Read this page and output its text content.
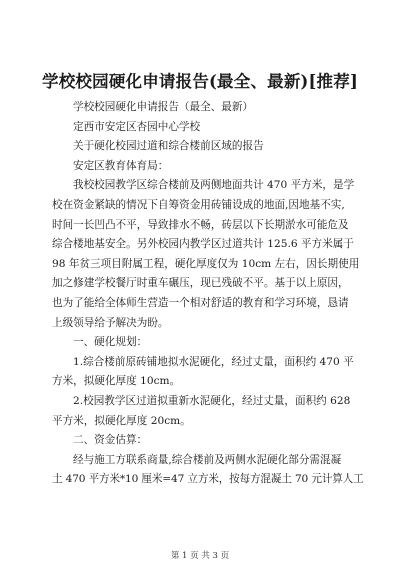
学校校园硬化申请报告(最全、最新)[推荐]
学校校园硬化申请报告（最全、最新）
定西市安定区杏园中心学校
关于硬化校园过道和综合楼前区域的报告
安定区教育体育局：
我校校园教学区综合楼前及两侧地面共计 470 平方米，是学
校在资金紧缺的情况下自筹资金用砖铺设成的地面,因地基不实,
时间一长凹凸不平，导致排水不畅，砖层以下长期淤水可能危及
综合楼地基安全。另外校园内教学区过道共计 125.6 平方米属于
98 年贫三项目附属工程，硬化厚度仅为 10cm 左右，因长期使用
加之修建学校餐厅时重车碾压，现已残破不平。基于以上原因，
也为了能给全体师生营造一个相对舒适的教育和学习环境，恳请
上级领导给予解决为盼。
一、硬化规划：
1.综合楼前原砖铺地拟水泥硬化，经过丈量，面积约 470 平
方米，拟硬化厚度 10cm。
2.校园教学区过道拟重新水泥硬化，经过丈量，面积约 628
平方米，拟硬化厚度 20cm。
二、资金估算：
经与施工方联系商量,综合楼前及两侧水泥硬化部分需混凝
土 470 平方米*10 厘米=47 立方米，按每方混凝土 70 元计算人工
第 1 页 共 3 页
